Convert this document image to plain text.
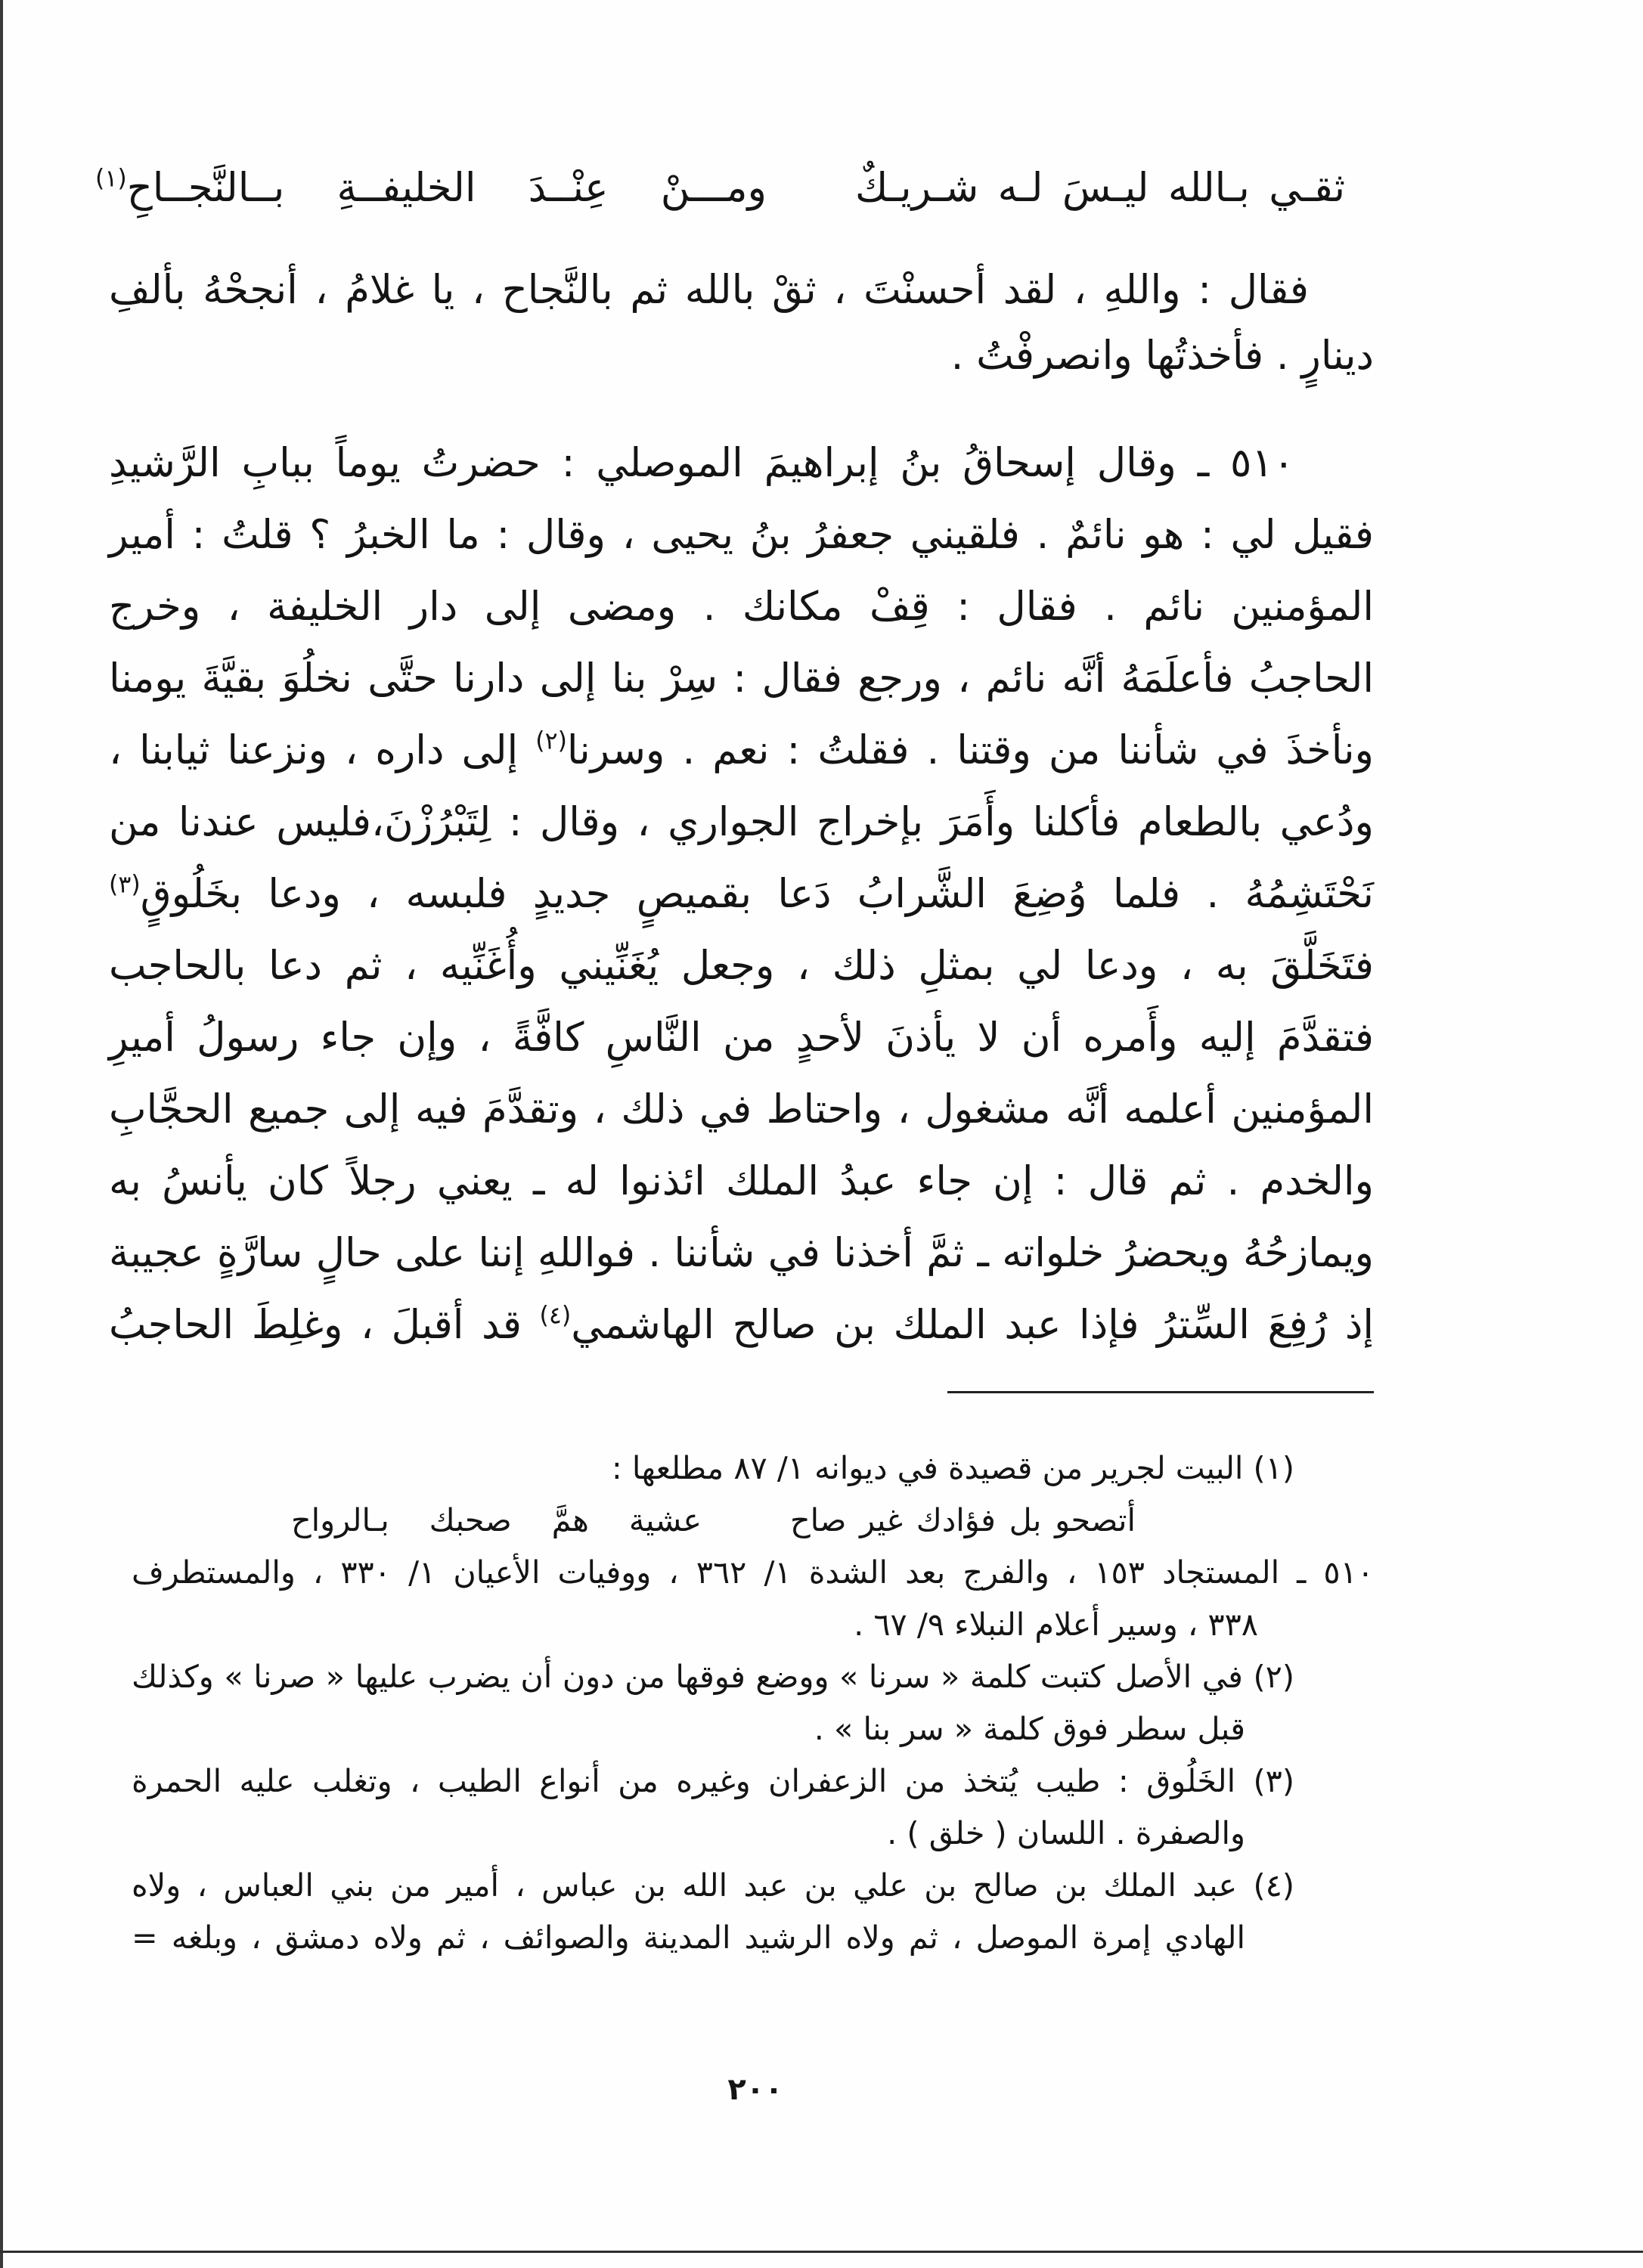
ثقـي بـالله ليـسَ لـه شـريـكٌ
ومـــنْ عِنْــدَ الخليفــةِ بــالنَّجــاحِ$^{(١)}$
فقال : واللهِ ، لقد أحسنْتَ ، ثقْ بالله ثم بالنَّجاح ، يا غلامُ ، أنجحْهُ بألفِ
دينارٍ . فأخذتُها وانصرفْتُ .
٥١٠ ـ وقال إسحاقُ بنُ إبراهيمَ الموصلي : حضرتُ يوماً ببابِ الرَّشيدِ
فقيل لي : هو نائمٌ . فلقيني جعفرُ بنُ يحيى ، وقال : ما الخبرُ ؟ قلتُ : أمير
المؤمنين نائم . فقال : قِفْ مكانك . ومضى إلى دار الخليفة ، وخرج
الحاجبُ فأعلَمَهُ أنَّه نائم ، ورجع فقال : سِرْ بنا إلى دارنا حتَّى نخلُوَ بقيَّةَ يومنا
ونأخذَ في شأننا من وقتنا . فقلتُ : نعم . وسرنا$^{(٢)}$ إلى داره ، ونزعنا ثيابنا ،
ودُعي بالطعام فأكلنا وأَمَرَ بإخراج الجواري ، وقال : لِتَبْرُزْنَ،فليس عندنا من
نَحْتَشِمُهُ . فلما وُضِعَ الشَّرابُ دَعا بقميصٍ جديدٍ فلبسه ، ودعا بخَلُوقٍ$^{(٣)}$
فتَخَلَّقَ به ، ودعا لي بمثلِ ذلك ، وجعل يُغَنِّيني وأُغَنِّيه ، ثم دعا بالحاجب
فتقدَّمَ إليه وأَمره أن لا يأذنَ لأحدٍ من النَّاسِ كافَّةً ، وإن جاء رسولُ أميرِ
المؤمنين أعلمه أنَّه مشغول ، واحتاط في ذلك ، وتقدَّمَ فيه إلى جميع الحجَّابِ
والخدم . ثم قال : إن جاء عبدُ الملك ائذنوا له ـ يعني رجلاً كان يأنسُ به
ويمازحُهُ ويحضرُ خلواته ـ ثمَّ أخذنا في شأننا . فواللهِ إننا على حالٍ سارَّةٍ عجيبة
إذ رُفِعَ السِّترُ فإذا عبد الملك بن صالح الهاشمي$^{(٤)}$ قد أقبلَ ، وغلِطَ الحاجبُ
(١) البيت لجرير من قصيدة في ديوانه ١/ ٨٧ مطلعها :
أتصحو بل فؤادك غير صاح
عشية همَّ صحبك بـالرواح
٥١٠ ـ المستجاد ١٥٣ ، والفرج بعد الشدة ١/ ٣٦٢ ، ووفيات الأعيان ١/ ٣٣٠ ، والمستطرف
٣٣٨ ، وسير أعلام النبلاء ٩/ ٦٧ .
(٢) في الأصل كتبت كلمة « سرنا » ووضع فوقها من دون أن يضرب عليها « صرنا » وكذلك
قبل سطر فوق كلمة « سر بنا » .
(٣) الخَلُوق : طيب يُتخذ من الزعفران وغيره من أنواع الطيب ، وتغلب عليه الحمرة
والصفرة . اللسان ( خلق ) .
(٤) عبد الملك بن صالح بن علي بن عبد الله بن عباس ، أمير من بني العباس ، ولاه
الهادي إمرة الموصل ، ثم ولاه الرشيد المدينة والصوائف ، ثم ولاه دمشق ، وبلغه =
٢٠٠
